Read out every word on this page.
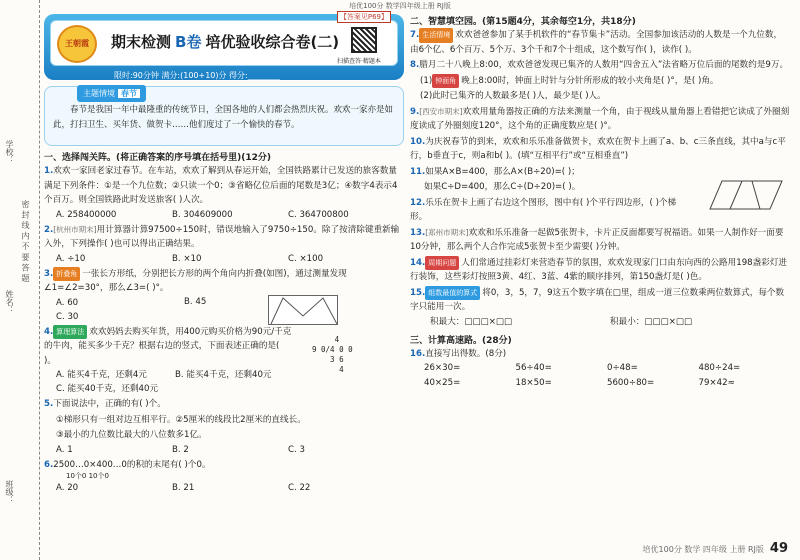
培优100分 数学四年级上册 RJ版
学校：
姓名：
班级：
密 封 线 内 不 要 答 题
王朝霞	期末检测 B卷 培优验收综合卷(二)
扫描查答·精题本
【答案见P69】
限时:90分钟 满分:(100+10)分 得分:________
主题情境 春节
春节是我国一年中最隆重的传统节日，全国各地的人们都会热烈庆祝。欢欢一家亦是如此，打扫卫生、买年货、做贺卡……他们度过了一个愉快的春节。
一、选择闯关阵。(将正确答案的序号填在括号里)(12分)
1.欢欢一家回老家过春节。在车站，欢欢了解到从春运开始，全国铁路累计已发送的旅客数量满足下列条件：①是一个九位数；②只读一个0；③省略亿位后面的尾数是3亿；④数字4表示4个百万。则全国铁路此时发送旅客( )人次。
A. 258400000	B. 304609000	C. 364700800
2.[杭州市期末]用计算器计算97500÷150时，错误地输入了9750÷150。除了按清除键重新输入外，下列操作( )也可以得出正确结果。
A. ÷10	B. ×10	C. ×100
3. 折叠角 一张长方形纸，分别把长方形的两个角向内折叠(如图)，通过测量发现∠1=∠2=30°，那么∠3=( )°。
A. 60
C. 30
B. 45
4. 算理算法 欢欢妈妈去购买年货，用400元购买价格为90元/千克的牛肉，能买多少千克？根据右边的竖式，下面表述正确的是( )。
A. 能买4千克，还剩4元	B. 能买4千克，还剩40元
C. 能买40千克，还剩40元
4
9 0/4 0 0
3 6
4
5.下面说法中，正确的有( )个。
①梯形只有一组对边互相平行。②5厘米的线段比2厘米的直线长。
③最小的九位数比最大的八位数多1亿。
A. 1	B. 2	C. 3
6.2500…0×400…0的积的末尾有( )个0。
10个0 10个0
A. 20	B. 21	C. 22
二、智慧填空园。(第15题4分，其余每空1分，共18分)
7. 生活情境 欢欢爸爸参加了某手机软件的“春节集卡”活动。全国参加该活动的人数是一个九位数，由6个亿、6个百万、5个万、3个千和7个十组成，这个数写作( )，读作( )。
8.腊月二十八晚上8:00，欢欢爸爸发现已集齐的人数用“四舍五入”法省略万位后面的尾数约是9万。
(1) 钟面角 晚上8:00时，钟面上时针与分针所形成的较小夹角是( )°，是( )角。
(2)此时已集齐的人数最多是( )人，最少是( )人。
9.[西安市期末]欢欢用量角器按正确的方法来测量一个角，由于视线从量角器上看错把它读成了外圈刻度读成了外圈刻度120°，这个角的正确度数应是( )°。
10.为庆祝春节的到来，欢欢和乐乐准备做贺卡，欢欢在贺卡上画了a、b、c三条直线，其中a与c平行，b垂直于c，则a和b( )。(填“互相平行”或“互相垂直”)
11.如果A×B=400，那么A×(B÷20)=( )；
如果C÷D=400，那么C÷(D÷20)=( )。
12.乐乐在贺卡上画了右边这个图形，图中有( )个平行四边形，( )个梯形。
13.[郑州市期末]欢欢和乐乐准备一起做5张贺卡，卡片正反面都要写祝福语。如果一人制作好一面要10分钟，那么两个人合作完成5张贺卡至少需要( )分钟。
14. 周期问题 人们常通过挂彩灯来营造春节的氛围，欢欢发现家门口由东向西的公路用198盏彩灯进行装饰，这些彩灯按照3黄、4红、3蓝、4紫的顺序排列，第150盏灯是( )色。
15. 组数最值的算式 将0，3，5，7，9这五个数字填在□里，组成一道三位数乘两位数算式，每个数字只能用一次。
积最大：□□□×□□	积最小：□□□×□□
三、计算高速路。(28分)
16.直接写出得数。(8分)
26×30=	56÷40=	0÷48=	480÷24=
40×25=	18×50=	5600÷80=	79×42≈
培优100分 数学 四年级 上册 RJ版 49
